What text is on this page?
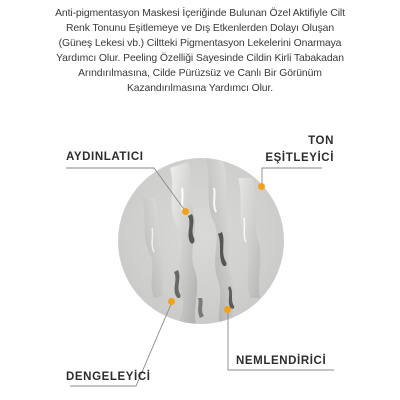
Anti-pigmentasyon Maskesi İçeriğinde Bulunan Özel Aktifiyle Cilt
Renk Tonunu Eşitlemeye ve Dış Etkenlerden Dolayı Oluşan
(Güneş Lekesi vb.) Ciltteki Pigmentasyon Lekelerini Onarmaya
Yardımcı Olur. Peeling Özelliği Sayesinde Cildin Kirli Tabakadan
Arındırılmasına, Cilde Pürüzsüz ve Canlı Bir Görünüm
Kazandırılmasına Yardımcı Olur.
AYDINLATICI
TON
EŞİTLEYİCİ
NEMLENDİRİCİ
DENGELEYİCİ
